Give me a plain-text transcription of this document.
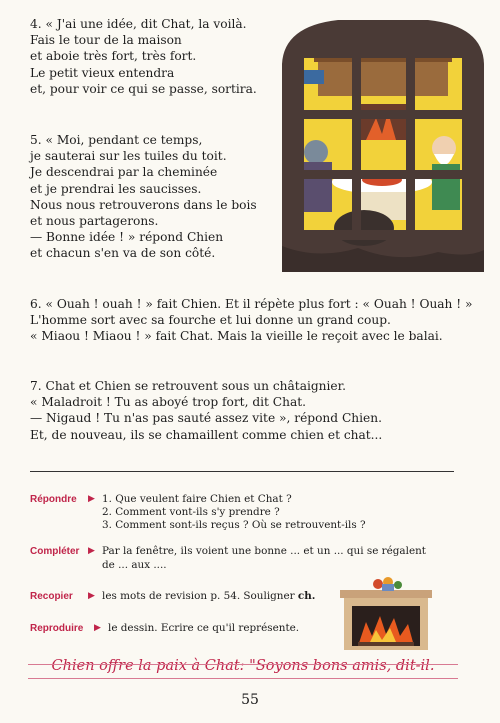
4. « J'ai une idée, dit Chat, la voilà.
Fais le tour de la maison
et aboie très fort, très fort.
Le petit vieux entendra
et, pour voir ce qui se passe, sortira.
5. « Moi, pendant ce temps,
je sauterai sur les tuiles du toit.
Je descendrai par la cheminée
et je prendrai les saucisses.
Nous nous retrouverons dans le bois
et nous partagerons.
— Bonne idée ! » répond Chien
et chacun s'en va de son côté.
6. « Ouah ! ouah ! » fait Chien. Et il répète plus fort : « Ouah ! Ouah ! »
L'homme sort avec sa fourche et lui donne un grand coup.
« Miaou ! Miaou ! » fait Chat. Mais la vieille le reçoit avec le balai.
7. Chat et Chien se retrouvent sous un châtaignier.
« Maladroit ! Tu as aboyé trop fort, dit Chat.
— Nigaud ! Tu n'as pas sauté assez vite », répond Chien.
Et, de nouveau, ils se chamaillent comme chien et chat...
Répondre ▶ 1. Que veulent faire Chien et Chat ?
2. Comment vont-ils s'y prendre ?
3. Comment sont-ils reçus ? Où se retrouvent-ils ?
Compléter ▶ Par la fenêtre, ils voient une bonne ... et un ... qui se régalent
de ... aux ....
Recopier ▶ les mots de revision p. 54. Souligner ch.
Reproduire ▶ le dessin. Ecrire ce qu'il représente.
Chien offre la paix à Chat: "Soyons bons amis, dit-il.
55
